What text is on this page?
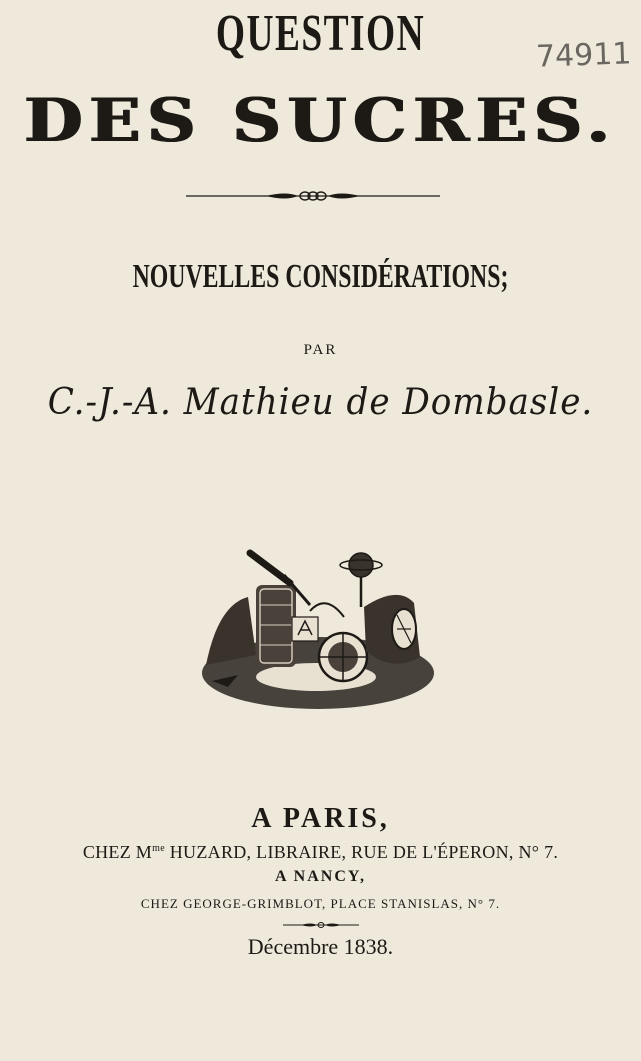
QUESTION	74911
DES SUCRES.
NOUVELLES CONSIDÉRATIONS;
PAR
C.-J.-A. Mathieu de Dombasle.
A PARIS,
CHEZ $M^{me}$ HUZARD, LIBRAIRE, RUE DE L'ÉPERON, N° 7.
A NANCY,
CHEZ GEORGE-GRIMBLOT, PLACE STANISLAS, N° 7.
Décembre 1838.
